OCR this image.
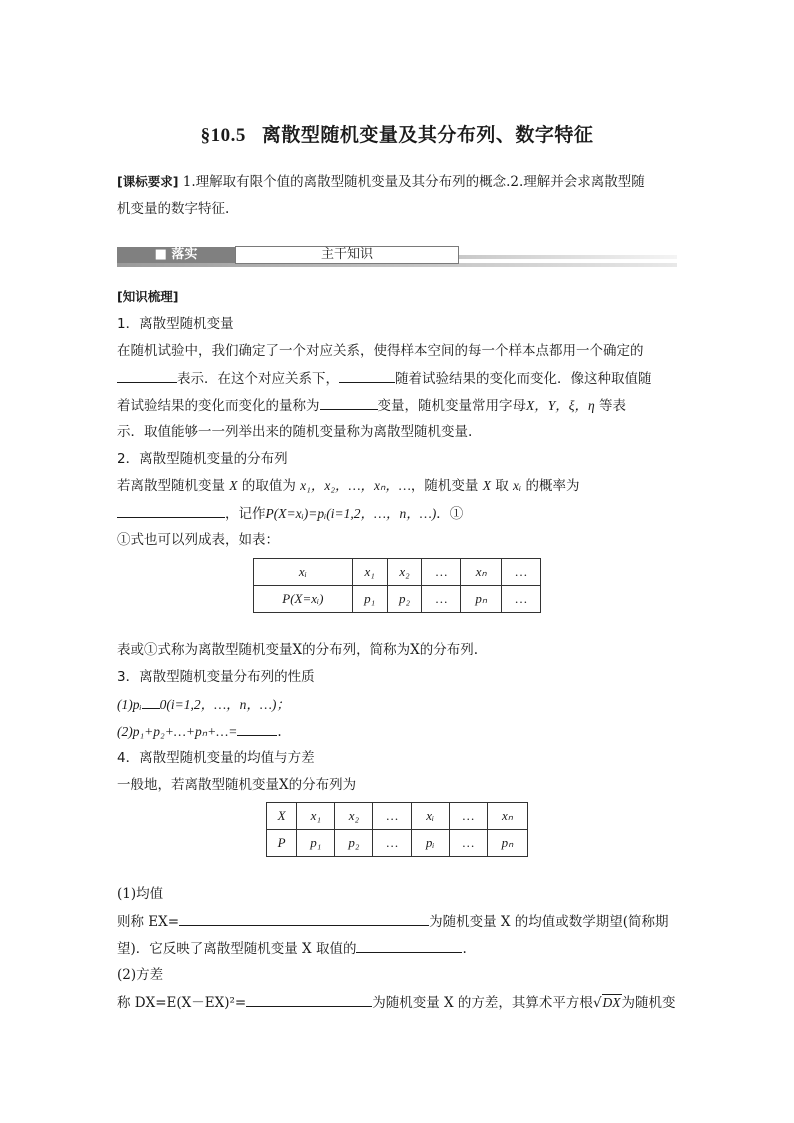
§10.5 离散型随机变量及其分布列、数字特征
[课标要求] 1.理解取有限个值的离散型随机变量及其分布列的概念.2.理解并会求离散型随
机变量的数字特征.
■ 落实	主干知识
[知识梳理]
1．离散型随机变量
在随机试验中，我们确定了一个对应关系，使得样本空间的每一个样本点都用一个确定的
表示．在这个对应关系下，	随着试验结果的变化而变化．像这种取值随
着试验结果的变化而变化的量称为	变量，随机变量常用字母X，Y，ξ，η 等表
示．取值能够一一列举出来的随机变量称为离散型随机变量.
2．离散型随机变量的分布列
若离散型随机变量 X 的取值为 x₁，x₂，…，xₙ，…，随机变量 X 取 xᵢ 的概率为
，记作P(X=xᵢ)=pᵢ(i=1,2，…，n，…)．①
①式也可以列成表，如表：
xᵢ	x₁	x₂	…	xₙ	…
P(X=xᵢ)	p₁	p₂	…	pₙ	…
表或①式称为离散型随机变量X的分布列，简称为X的分布列.
3．离散型随机变量分布列的性质
(1)pᵢ 0(i=1,2，…，n，…)；
(2)p₁+p₂+…+pₙ+…=	.
4．离散型随机变量的均值与方差
一般地，若离散型随机变量X的分布列为
X	x₁	x₂	…	xᵢ	…	xₙ
P	p₁	p₂	…	pᵢ	…	pₙ
(1)均值
则称 EX=	为随机变量 X 的均值或数学期望(简称期
望)．它反映了离散型随机变量 X 取值的	.
(2)方差
称 DX=E(X－EX)²=	为随机变量 X 的方差，其算术平方根√DX为随机变
